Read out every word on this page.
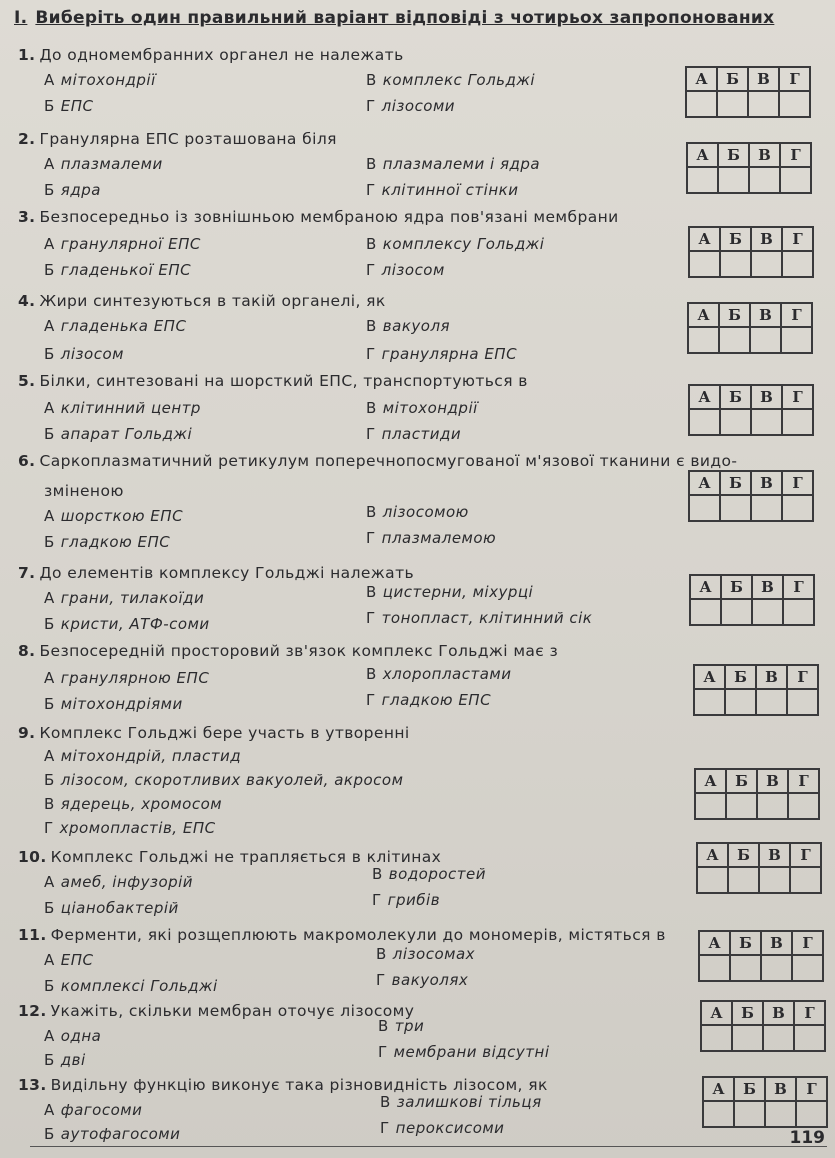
I. Виберіть один правильний варіант відповіді з чотирьох запропонованих
1. До одномембранних органел не належать
А мітохондрії
Б ЕПС
В комплекс Гольджі
Г лізосоми
А	Б	В	Г

2. Гранулярна ЕПС розташована біля
А плазмалеми
Б ядра
В плазмалеми і ядра
Г клітинної стінки
А	Б	В	Г

3. Безпосередньо із зовнішньою мембраною ядра пов'язані мембрани
А гранулярної ЕПС
Б гладенької ЕПС
В комплексу Гольджі
Г лізосом
А	Б	В	Г

4. Жири синтезуються в такій органелі, як
А гладенька ЕПС
Б лізосом
В вакуоля
Г гранулярна ЕПС
А	Б	В	Г

5. Білки, синтезовані на шорсткий ЕПС, транспортуються в
А клітинний центр
Б апарат Гольджі
В мітохондрії
Г пластиди
А	Б	В	Г

6. Саркоплазматичний ретикулум поперечнопосмугованої м'язової тканини є видо-
зміненою
А шорсткою ЕПС
Б гладкою ЕПС
В лізосомою
Г плазмалемою
А	Б	В	Г

7. До елементів комплексу Гольджі належать
А грани, тилакоїди
Б кристи, АТФ-соми
В цистерни, міхурці
Г тонопласт, клітинний сік
А	Б	В	Г

8. Безпосередній просторовий зв'язок комплекс Гольджі має з
А гранулярною ЕПС
Б мітохондріями
В хлоропластами
Г гладкою ЕПС
А	Б	В	Г

9. Комплекс Гольджі бере участь в утворенні
А мітохондрій, пластид
Б лізосом, скоротливих вакуолей, акросом
В ядерець, хромосом
Г хромопластів, ЕПС
А	Б	В	Г

10. Комплекс Гольджі не трапляється в клітинах
А амеб, інфузорій
Б ціанобактерій
В водоростей
Г грибів
А	Б	В	Г

11. Ферменти, які розщеплюють макромолекули до мономерів, містяться в
А ЕПС
Б комплексі Гольджі
В лізосомах
Г вакуолях
А	Б	В	Г

12. Укажіть, скільки мембран оточує лізосому
А одна
Б дві
В три
Г мембрани відсутні
А	Б	В	Г

13. Видільну функцію виконує така різновидність лізосом, як
А фагосоми
Б аутофагосоми
В залишкові тільця
Г пероксисоми
А	Б	В	Г

119
